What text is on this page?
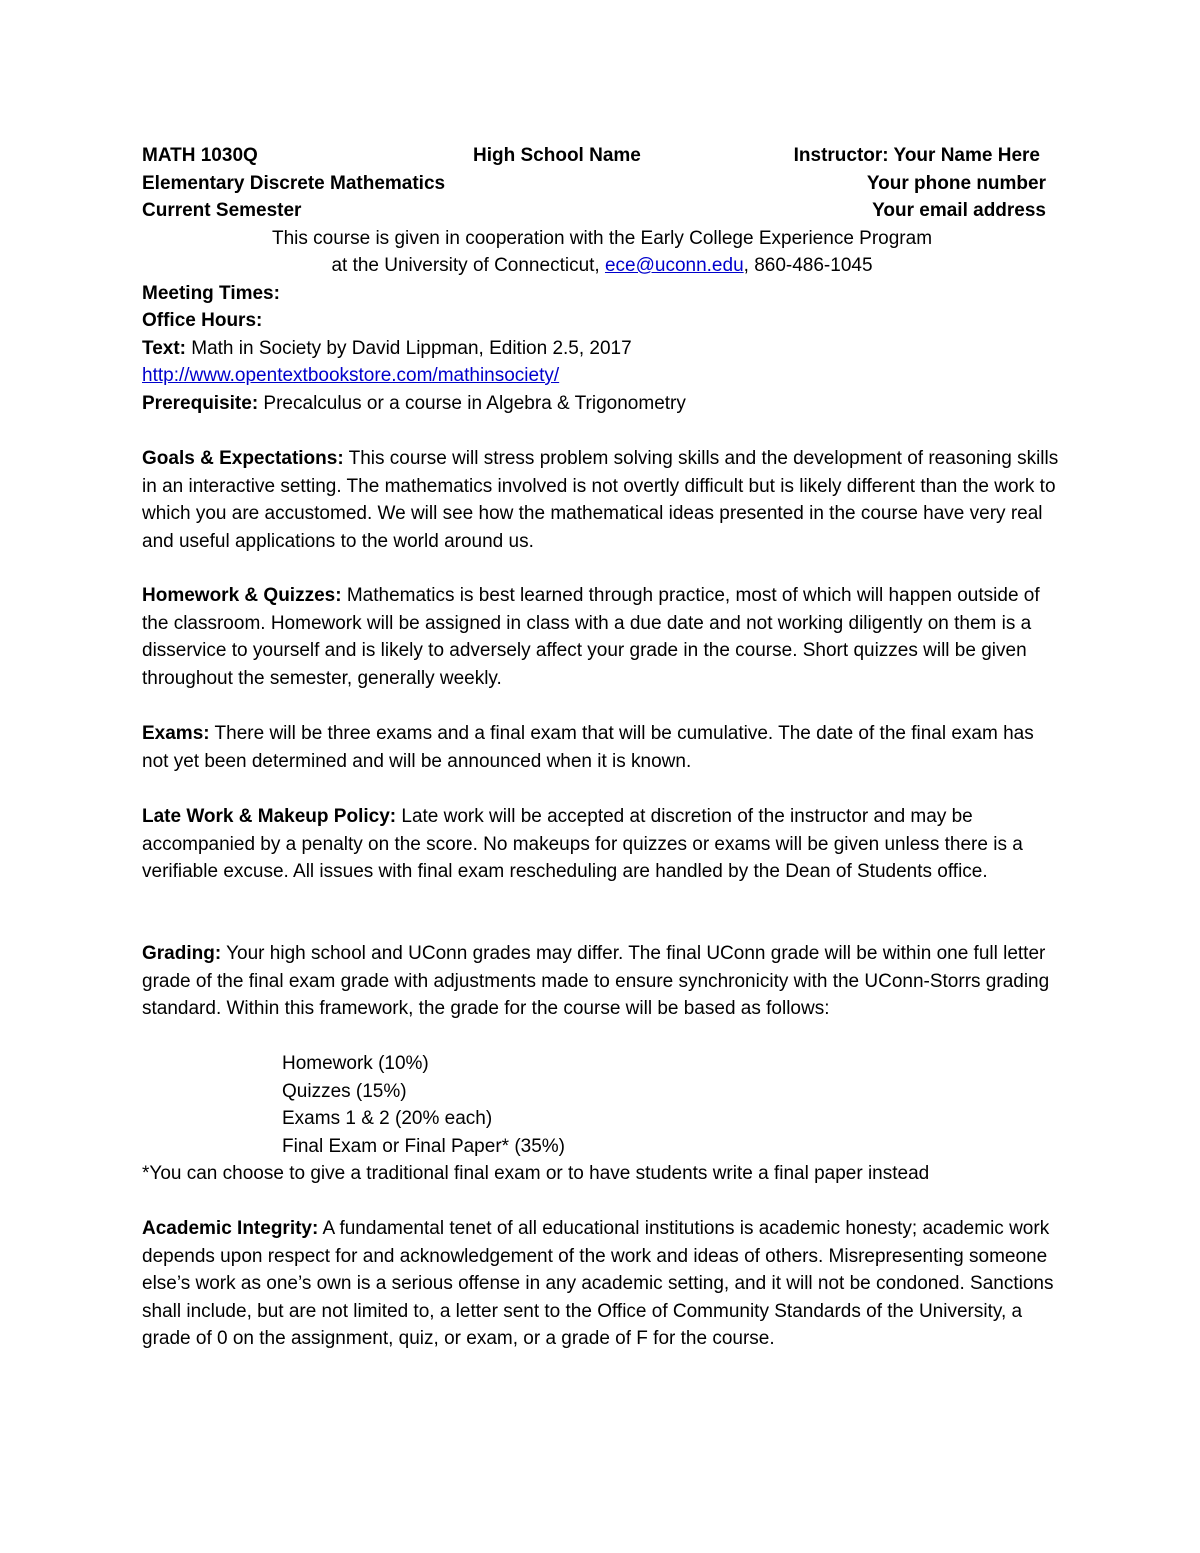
MATH 1030Q	High School Name	Instructor: Your Name Here
Elementary Discrete Mathematics	Your phone number
Current Semester	Your email address
This course is given in cooperation with the Early College Experience Program
at the University of Connecticut, ece@uconn.edu, 860-486-1045
Meeting Times:
Office Hours:
Text: Math in Society by David Lippman, Edition 2.5, 2017
http://www.opentextbookstore.com/mathinsociety/
Prerequisite: Precalculus or a course in Algebra & Trigonometry
Goals & Expectations: This course will stress problem solving skills and the development of reasoning skills in an interactive setting. The mathematics involved is not overtly difficult but is likely different than the work to which you are accustomed. We will see how the mathematical ideas presented in the course have very real and useful applications to the world around us.
Homework & Quizzes: Mathematics is best learned through practice, most of which will happen outside of the classroom. Homework will be assigned in class with a due date and not working diligently on them is a disservice to yourself and is likely to adversely affect your grade in the course. Short quizzes will be given throughout the semester, generally weekly.
Exams: There will be three exams and a final exam that will be cumulative. The date of the final exam has not yet been determined and will be announced when it is known.
Late Work & Makeup Policy: Late work will be accepted at discretion of the instructor and may be accompanied by a penalty on the score. No makeups for quizzes or exams will be given unless there is a verifiable excuse. All issues with final exam rescheduling are handled by the Dean of Students office.
Grading: Your high school and UConn grades may differ. The final UConn grade will be within one full letter grade of the final exam grade with adjustments made to ensure synchronicity with the UConn-Storrs grading standard. Within this framework, the grade for the course will be based as follows:
Homework (10%)
Quizzes (15%)
Exams 1 & 2 (20% each)
Final Exam or Final Paper* (35%)
*You can choose to give a traditional final exam or to have students write a final paper instead
Academic Integrity: A fundamental tenet of all educational institutions is academic honesty; academic work depends upon respect for and acknowledgement of the work and ideas of others. Misrepresenting someone else’s work as one’s own is a serious offense in any academic setting, and it will not be condoned. Sanctions shall include, but are not limited to, a letter sent to the Office of Community Standards of the University, a grade of 0 on the assignment, quiz, or exam, or a grade of F for the course.
